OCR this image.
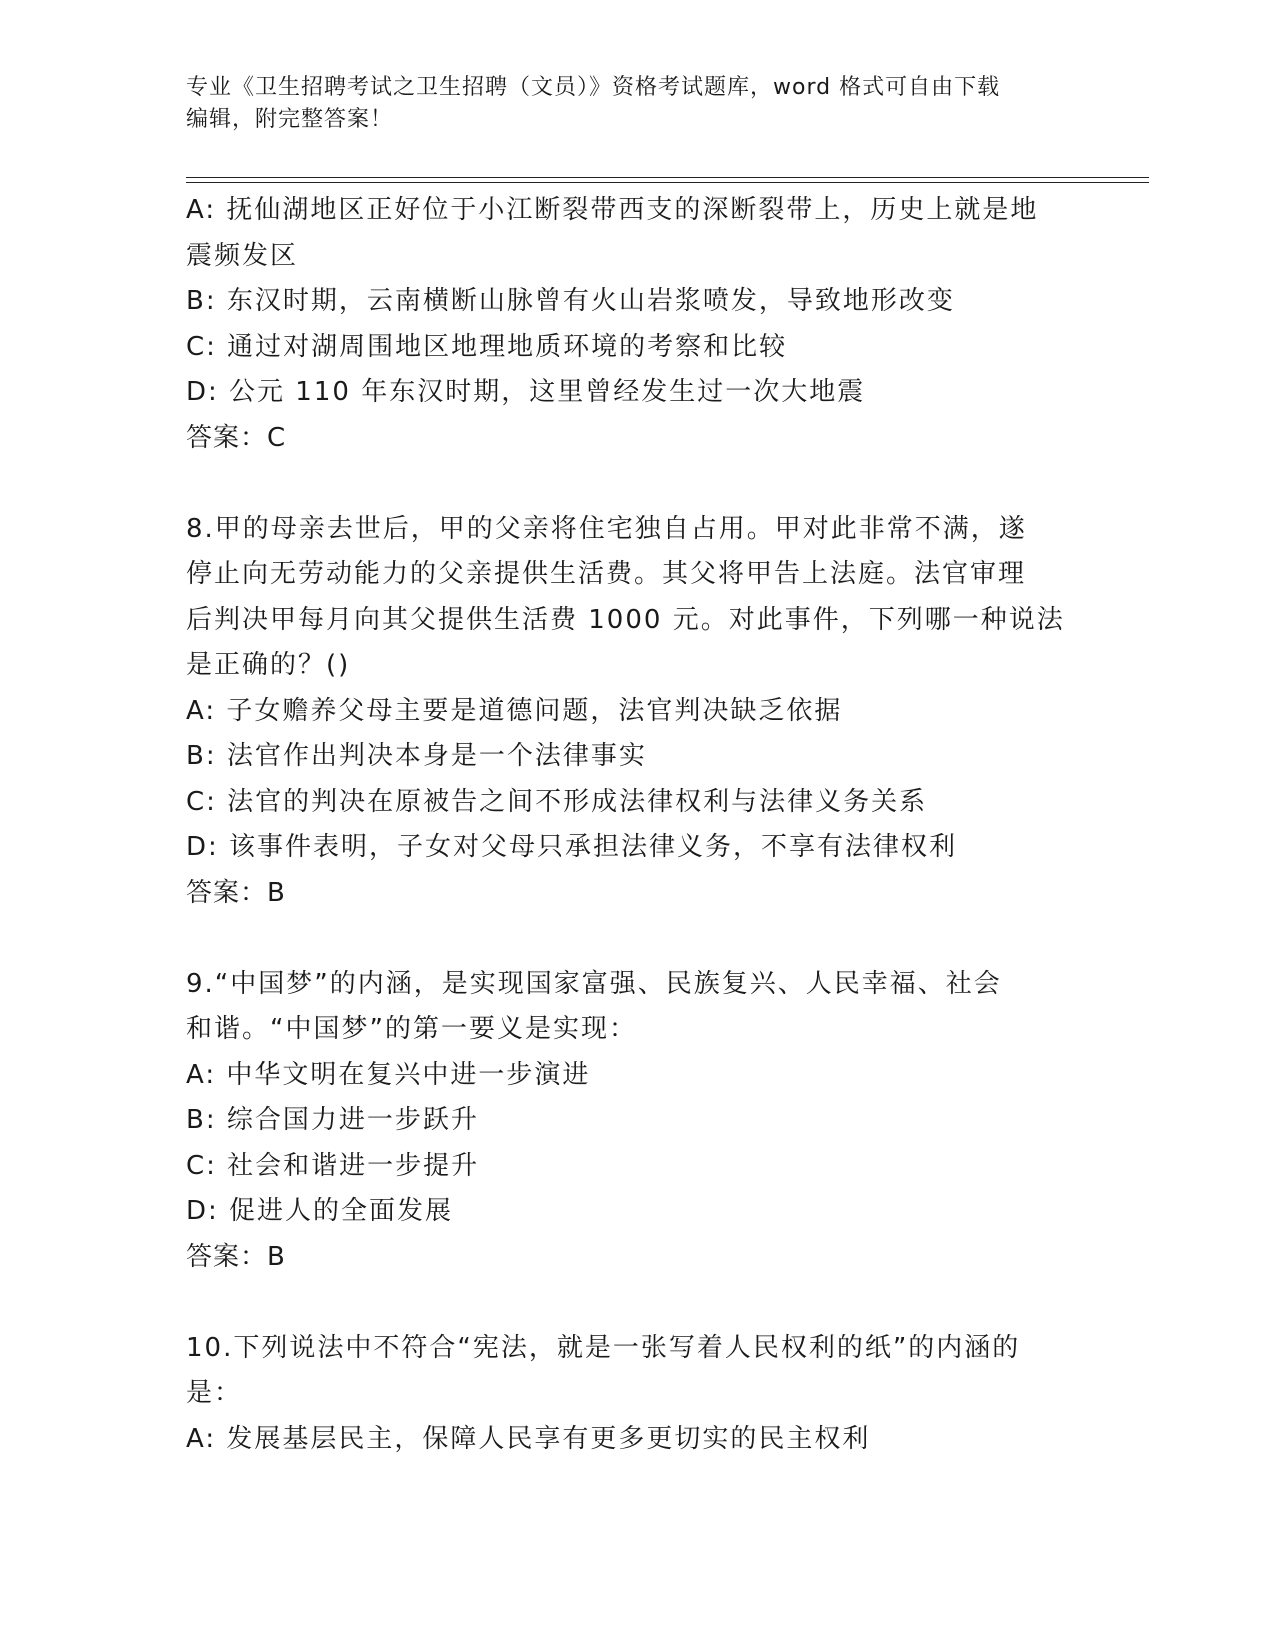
专业《卫生招聘考试之卫生招聘（文员）》资格考试题库，word 格式可自由下载
编辑，附完整答案！
A: 抚仙湖地区正好位于小江断裂带西支的深断裂带上，历史上就是地
震频发区
B: 东汉时期，云南横断山脉曾有火山岩浆喷发，导致地形改变
C: 通过对湖周围地区地理地质环境的考察和比较
D: 公元 110 年东汉时期，这里曾经发生过一次大地震
答案：C
8.甲的母亲去世后，甲的父亲将住宅独自占用。甲对此非常不满，遂
停止向无劳动能力的父亲提供生活费。其父将甲告上法庭。法官审理
后判决甲每月向其父提供生活费 1000 元。对此事件，下列哪一种说法
是正确的？()
A: 子女赡养父母主要是道德问题，法官判决缺乏依据
B: 法官作出判决本身是一个法律事实
C: 法官的判决在原被告之间不形成法律权利与法律义务关系
D: 该事件表明，子女对父母只承担法律义务，不享有法律权利
答案：B
9.“中国梦”的内涵，是实现国家富强、民族复兴、人民幸福、社会
和谐。“中国梦”的第一要义是实现：
A: 中华文明在复兴中进一步演进
B: 综合国力进一步跃升
C: 社会和谐进一步提升
D: 促进人的全面发展
答案：B
10.下列说法中不符合“宪法，就是一张写着人民权利的纸”的内涵的
是：
A: 发展基层民主，保障人民享有更多更切实的民主权利
